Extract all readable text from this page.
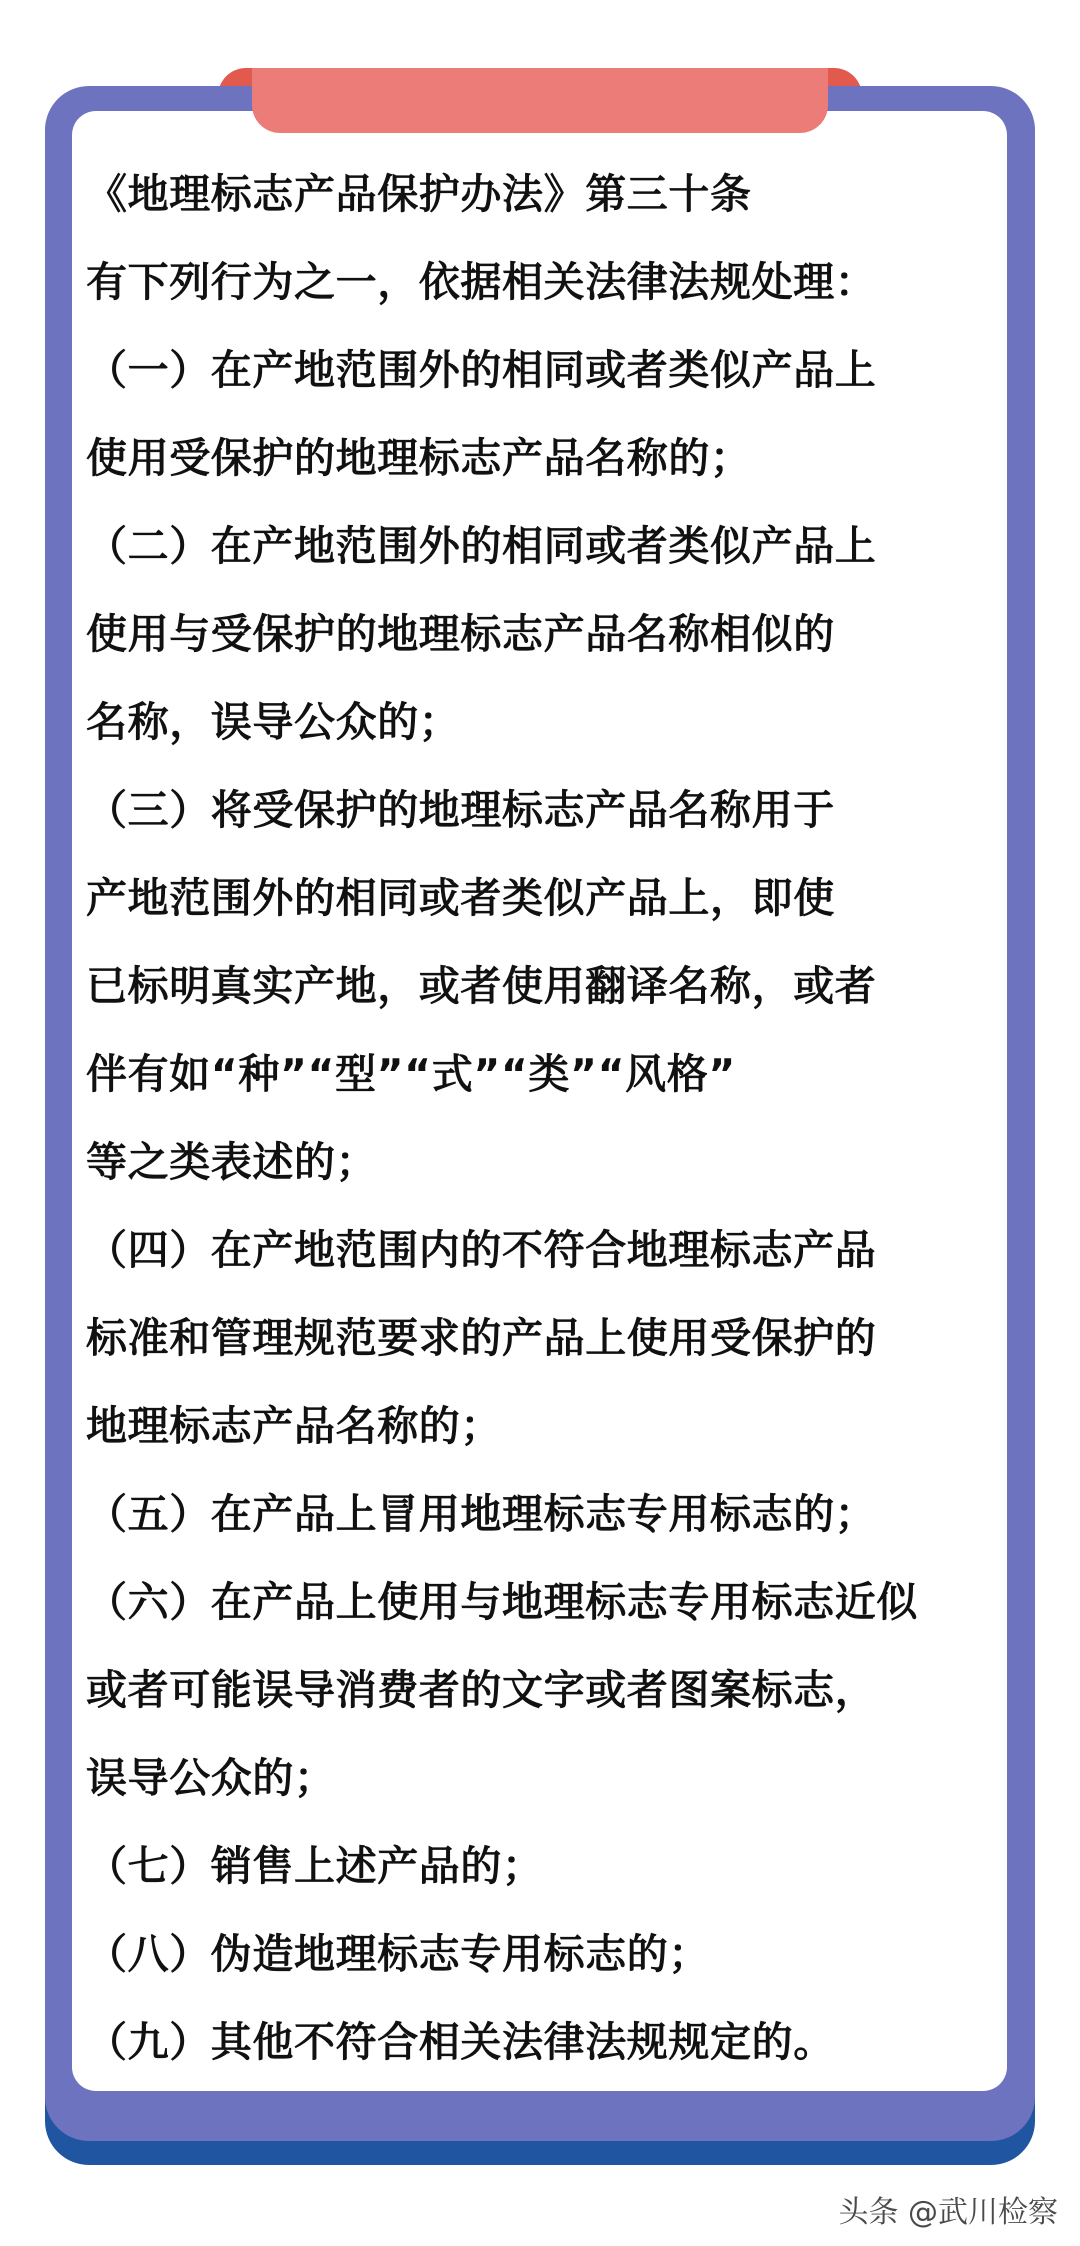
《地理标志产品保护办法》第三十条
有下列行为之一，依据相关法律法规处理：
（一）在产地范围外的相同或者类似产品上
使用受保护的地理标志产品名称的；
（二）在产地范围外的相同或者类似产品上
使用与受保护的地理标志产品名称相似的
名称，误导公众的；
（三）将受保护的地理标志产品名称用于
产地范围外的相同或者类似产品上，即使
已标明真实产地，或者使用翻译名称，或者
伴有如“种”“型”“式”“类”“风格”
等之类表述的；
（四）在产地范围内的不符合地理标志产品
标准和管理规范要求的产品上使用受保护的
地理标志产品名称的；
（五）在产品上冒用地理标志专用标志的；
（六）在产品上使用与地理标志专用标志近似
或者可能误导消费者的文字或者图案标志，
误导公众的；
（七）销售上述产品的；
（八）伪造地理标志专用标志的；
（九）其他不符合相关法律法规规定的。
头条 @武川检察
